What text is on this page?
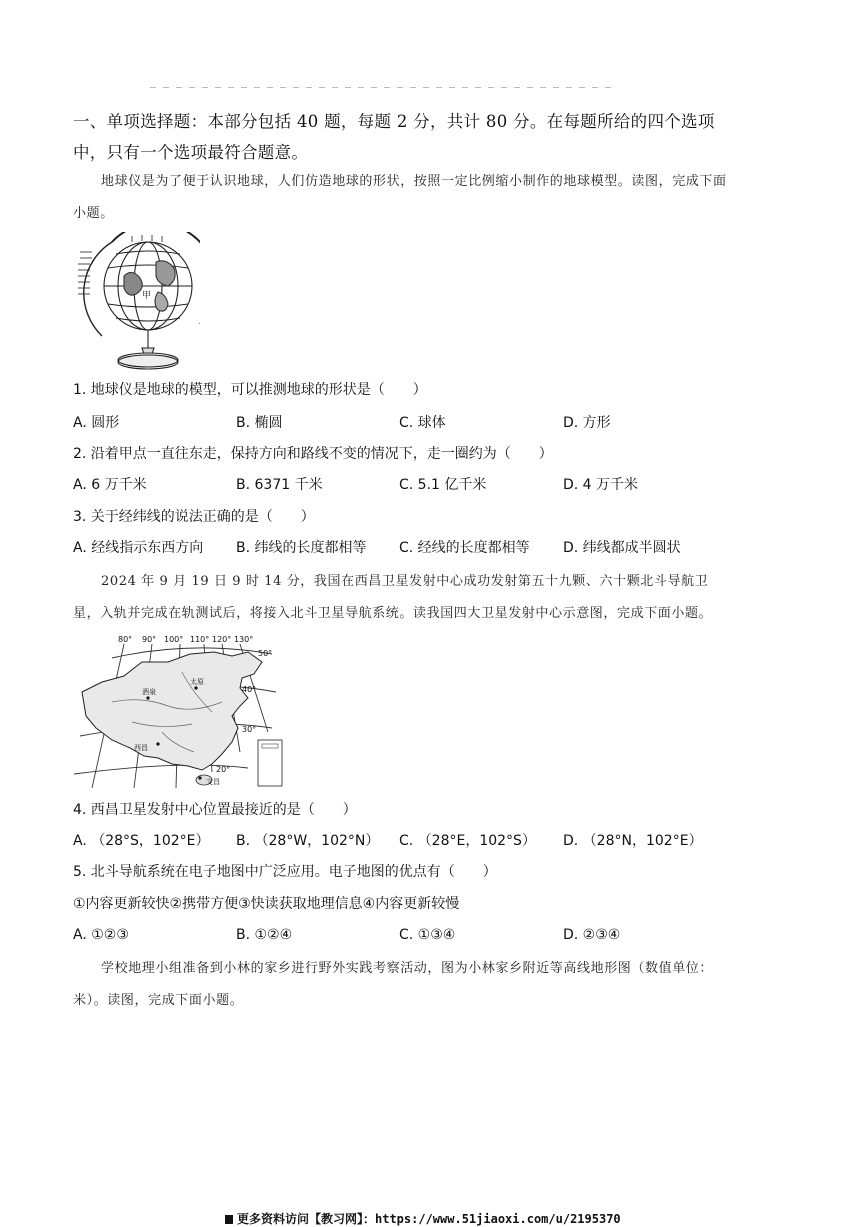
一、单项选择题：本部分包括 40 题，每题 2 分，共计 80 分。在每题所给的四个选项中，只有一个选项最符合题意。
地球仪是为了便于认识地球，人们仿造地球的形状，按照一定比例缩小制作的地球模型。读图，完成下面小题。
甲
1. 地球仪是地球的模型，可以推测地球的形状是（　　）
A. 圆形	B. 椭圆	C. 球体	D. 方形
2. 沿着甲点一直往东走，保持方向和路线不变的情况下，走一圈约为（　　）
A. 6 万千米	B. 6371 千米	C. 5.1 亿千米	D. 4 万千米
3. 关于经纬线的说法正确的是（　　）
A. 经线指示东西方向 B. 纬线的长度都相等 C. 经线的长度都相等 D. 纬线都成半圆状
2024 年 9 月 19 日 9 时 14 分，我国在西昌卫星发射中心成功发射第五十九颗、六十颗北斗导航卫星，入轨并完成在轨测试后，将接入北斗卫星导航系统。读我国四大卫星发射中心示意图，完成下面小题。
80° 90° 100° 110° 120° 130°
50°
40°
30°
20°
酒泉
太原
西昌
文昌
4. 西昌卫星发射中心位置最接近的是（　　）
A. （28°S，102°E） B. （28°W，102°N） C. （28°E，102°S） D. （28°N，102°E）
5. 北斗导航系统在电子地图中广泛应用。电子地图的优点有（　　）
①内容更新较快②携带方便③快读获取地理信息④内容更新较慢
A. ①②③	B. ①②④	C. ①③④	D. ②③④
学校地理小组准备到小林的家乡进行野外实践考察活动，图为小林家乡附近等高线地形图（数值单位：米）。读图，完成下面小题。
更多资料访问【教习网】：https://www.51jiaoxi.com/u/2195370
